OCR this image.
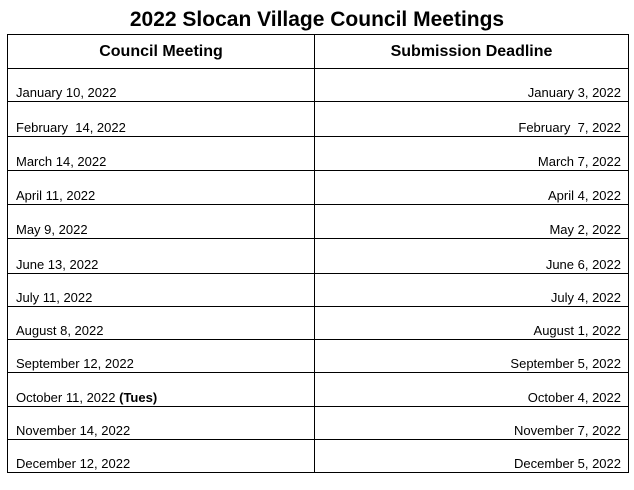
2022 Slocan Village Council Meetings
Council Meeting	Submission Deadline
January 10, 2022	January 3, 2022
February  14, 2022	February  7, 2022
March 14, 2022	March 7, 2022
April 11, 2022	April 4, 2022
May 9, 2022	May 2, 2022
June 13, 2022	June 6, 2022
July 11, 2022	July 4, 2022
August 8, 2022	August 1, 2022
September 12, 2022	September 5, 2022
October 11, 2022 (Tues)	October 4, 2022
November 14, 2022	November 7, 2022
December 12, 2022	December 5, 2022
